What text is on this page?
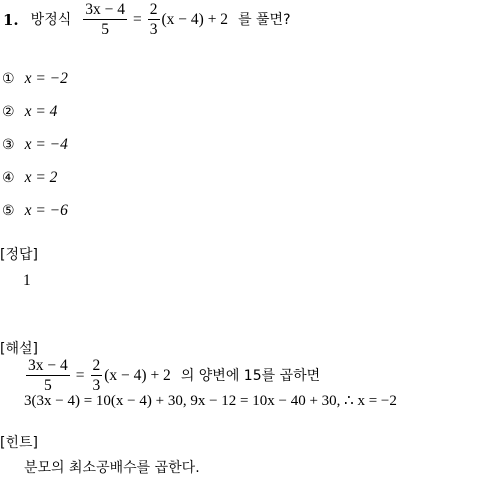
1. 방정식 $\frac{3x - 4}{5} = \frac{2}{3} (x - 4) + 2$ 를 풀면?
① x = −2
② x = 4
③ x = −4
④ x = 2
⑤ x = −6
[정답]
1
[해설]
$\frac{3x - 4}{5} = \frac{2}{3} (x - 4) + 2$ 의 양변에 15를 곱하면
3(3x − 4) = 10(x − 4) + 30, 9x − 12 = 10x − 40 + 30, ∴ x = −2
[힌트]
분모의 최소공배수를 곱한다.
